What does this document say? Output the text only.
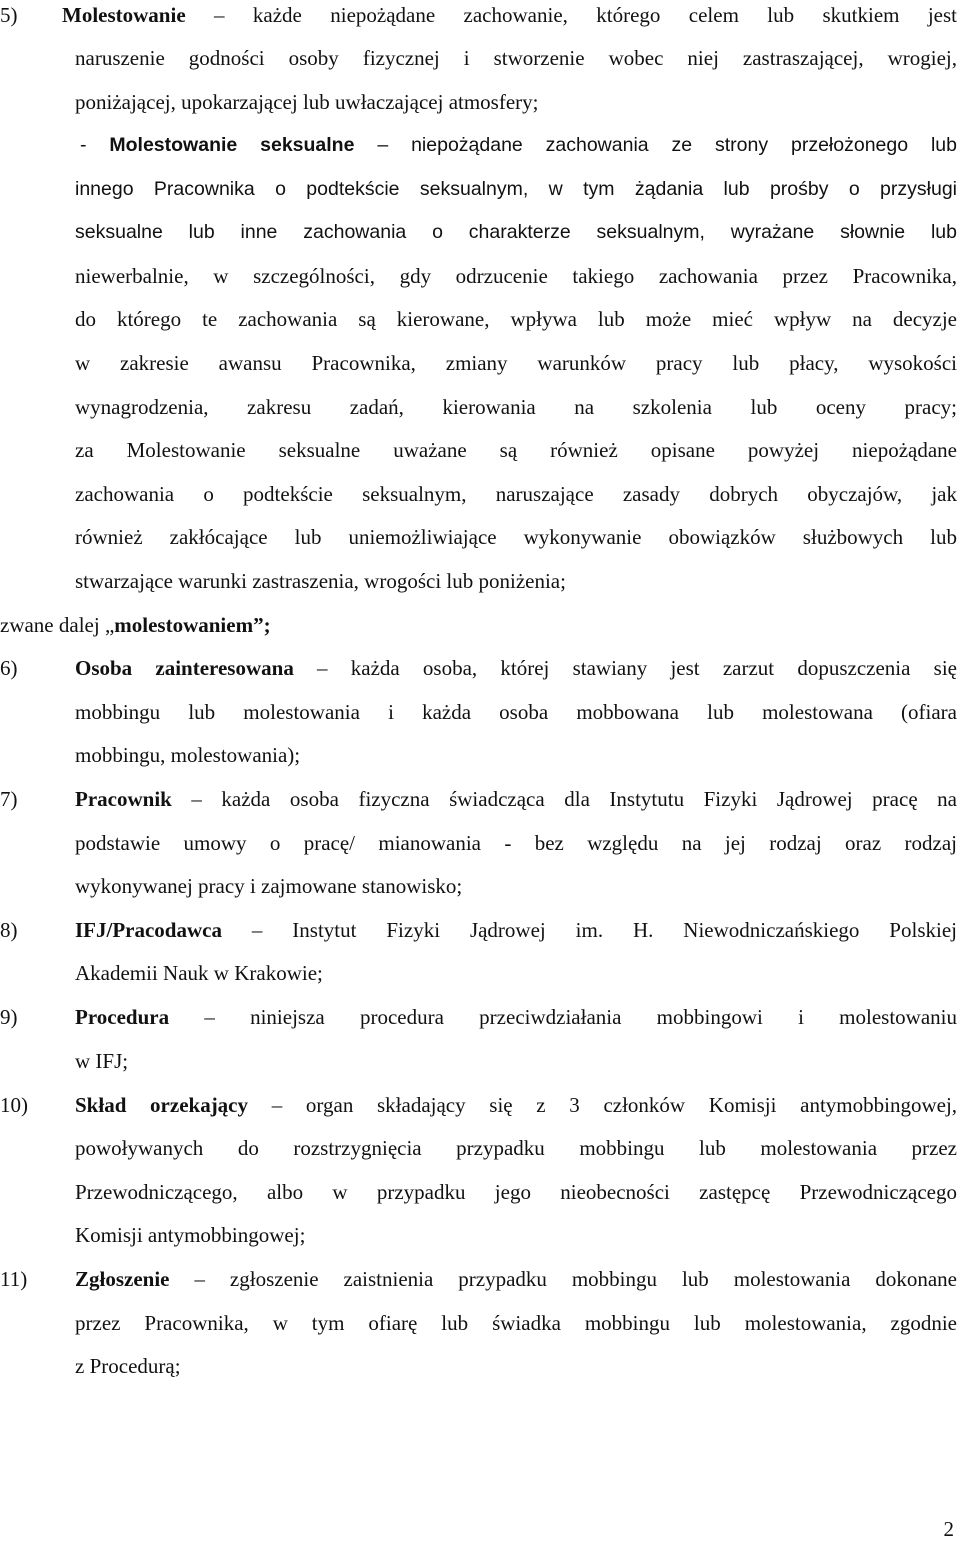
5) Molestowanie – każde niepożądane zachowanie, którego celem lub skutkiem jest
naruszenie godności osoby fizycznej i stworzenie wobec niej zastraszającej, wrogiej,
poniżającej, upokarzającej lub uwłaczającej atmosfery;
- Molestowanie seksualne – niepożądane zachowania ze strony przełożonego lub
innego Pracownika o podtekście seksualnym, w tym żądania lub prośby o przysługi
seksualne lub inne zachowania o charakterze seksualnym, wyrażane słownie lub
niewerbalnie, w szczególności, gdy odrzucenie takiego zachowania przez Pracownika,
do którego te zachowania są kierowane, wpływa lub może mieć wpływ na decyzje
w zakresie awansu Pracownika, zmiany warunków pracy lub płacy, wysokości
wynagrodzenia, zakresu zadań, kierowania na szkolenia lub oceny pracy;
za Molestowanie seksualne uważane są również opisane powyżej niepożądane
zachowania o podtekście seksualnym, naruszające zasady dobrych obyczajów, jak
również zakłócające lub uniemożliwiające wykonywanie obowiązków służbowych lub
stwarzające warunki zastraszenia, wrogości lub poniżenia;
zwane dalej „molestowaniem”;
6)	Osoba zainteresowana – każda osoba, której stawiany jest zarzut dopuszczenia się
mobbingu lub molestowania i każda osoba mobbowana lub molestowana (ofiara
mobbingu, molestowania);
7)	Pracownik – każda osoba fizyczna świadcząca dla Instytutu Fizyki Jądrowej pracę na
podstawie umowy o pracę/ mianowania - bez względu na jej rodzaj oraz rodzaj
wykonywanej pracy i zajmowane stanowisko;
8)	IFJ/Pracodawca – Instytut Fizyki Jądrowej im. H. Niewodniczańskiego Polskiej
Akademii Nauk w Krakowie;
9)	Procedura – niniejsza procedura przeciwdziałania mobbingowi i molestowaniu
w IFJ;
10) Skład orzekający – organ składający się z 3 członków Komisji antymobbingowej,
powoływanych do rozstrzygnięcia przypadku mobbingu lub molestowania przez
Przewodniczącego, albo w przypadku jego nieobecności zastępcę Przewodniczącego
Komisji antymobbingowej;
11) Zgłoszenie – zgłoszenie zaistnienia przypadku mobbingu lub molestowania dokonane
przez Pracownika, w tym ofiarę lub świadka mobbingu lub molestowania, zgodnie
z Procedurą;
2
